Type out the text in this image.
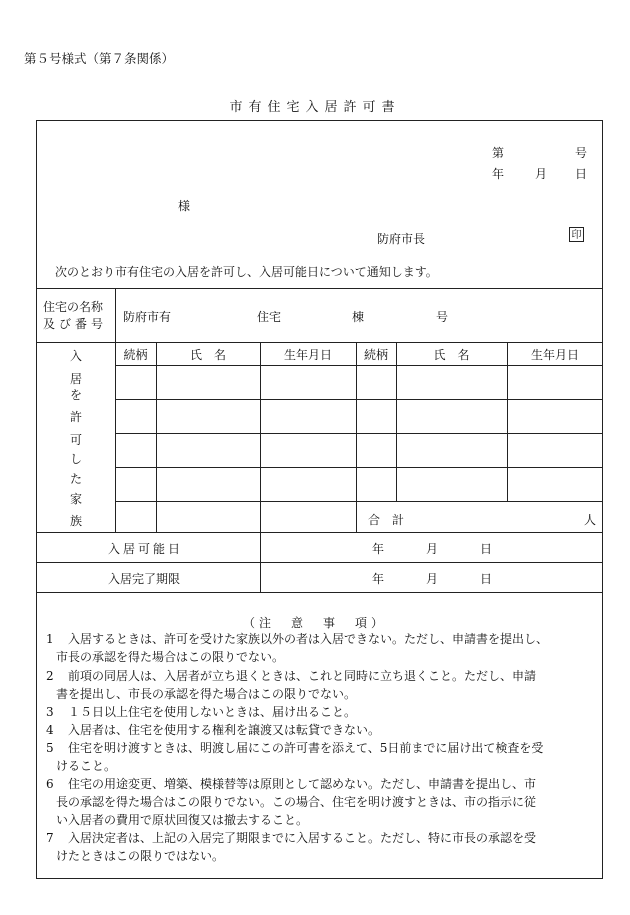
第５号様式（第７条関係）
市有住宅入居許可書
第	号
年	月 日
様
防府市長	印
次のとおり市有住宅の入居を許可し、入居可能日について通知します。
住宅の名称
及び番号 防府市有	住宅	棟	号
入
居
を
許
可
し
た
家
族
続柄	氏　名	生年月日	続柄	氏　名	生年月日
合　計	人
入居可能日	年	月	日
入居完了期限	年	月	日
（注　意　事　項）
1 入居するときは、許可を受けた家族以外の者は入居できない。ただし、申請書を提出し、
市長の承認を得た場合はこの限りでない。
2 前項の同居人は、入居者が立ち退くときは、これと同時に立ち退くこと。ただし、申請
書を提出し、市長の承認を得た場合はこの限りでない。
3 １５日以上住宅を使用しないときは、届け出ること。
4 入居者は、住宅を使用する権利を譲渡又は転貸できない。
5 住宅を明け渡すときは、明渡し届にこの許可書を添えて、5日前までに届け出て検査を受
けること。
6 住宅の用途変更、増築、模様替等は原則として認めない。ただし、申請書を提出し、市
長の承認を得た場合はこの限りでない。この場合、住宅を明け渡すときは、市の指示に従
い入居者の費用で原状回復又は撤去すること。
7 入居決定者は、上記の入居完了期限までに入居すること。ただし、特に市長の承認を受
けたときはこの限りではない。
